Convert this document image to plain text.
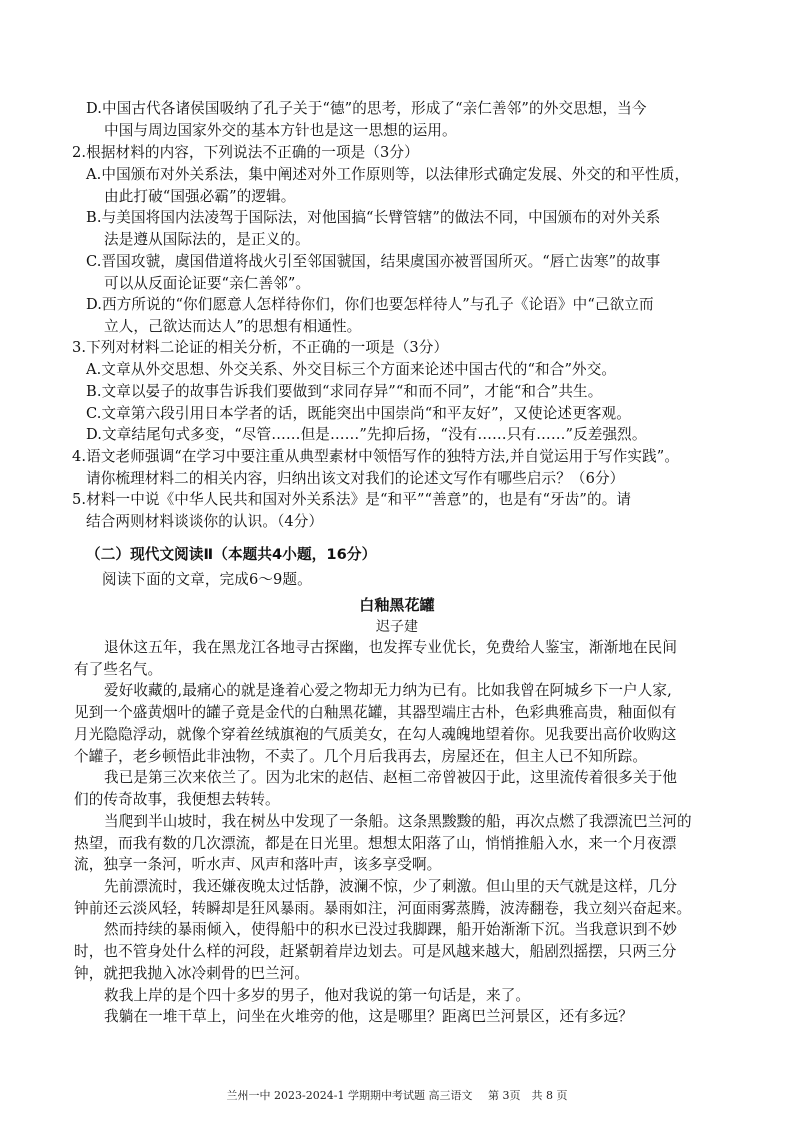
D.中国古代各诸侯国吸纳了孔子关于“德”的思考，形成了“亲仁善邻”的外交思想，当今
中国与周边国家外交的基本方针也是这一思想的运用。
2.根据材料的内容，下列说法不正确的一项是（3分）
A.中国颁布对外关系法，集中阐述对外工作原则等，以法律形式确定发展、外交的和平性质，
由此打破“国强必霸”的逻辑。
B.与美国将国内法凌驾于国际法，对他国搞“长臂管辖”的做法不同，中国颁布的对外关系
法是遵从国际法的，是正义的。
C.晋国攻虢，虞国借道将战火引至邻国虢国，结果虞国亦被晋国所灭。“唇亡齿寒”的故事
可以从反面论证要“亲仁善邻”。
D.西方所说的“你们愿意人怎样待你们，你们也要怎样待人”与孔子《论语》中“己欲立而
立人，己欲达而达人”的思想有相通性。
3.下列对材料二论证的相关分析，不正确的一项是（3分）
A.文章从外交思想、外交关系、外交目标三个方面来论述中国古代的“和合”外交。
B.文章以晏子的故事告诉我们要做到“求同存异”“和而不同”，才能“和合”共生。
C.文章第六段引用日本学者的话，既能突出中国崇尚“和平友好”，又使论述更客观。
D.文章结尾句式多变，“尽管……但是……”先抑后扬，“没有……只有……”反差强烈。
4.语文老师强调“在学习中要注重从典型素材中领悟写作的独特方法,并自觉运用于写作实践”。
请你梳理材料二的相关内容，归纳出该文对我们的论述文写作有哪些启示？（6分）
5.材料一中说《中华人民共和国对外关系法》是“和平”“善意”的，也是有“牙齿”的。请
结合两则材料谈谈你的认识。（4分）
（二）现代文阅读Ⅱ（本题共4小题，16分）
阅读下面的文章，完成6～9题。
白釉黑花罐
迟子建
退休这五年，我在黑龙江各地寻古探幽，也发挥专业优长，免费给人鉴宝，渐渐地在民间
有了些名气。
爱好收藏的,最痛心的就是逢着心爱之物却无力纳为已有。比如我曾在阿城乡下一户人家,
见到一个盛黄烟叶的罐子竟是金代的白釉黑花罐，其器型端庄古朴，色彩典雅高贵，釉面似有
月光隐隐浮动，就像个穿着丝绒旗袍的气质美女，在勾人魂魄地望着你。见我要出高价收购这
个罐子，老乡顿悟此非浊物，不卖了。几个月后我再去，房屋还在，但主人已不知所踪。
我已是第三次来依兰了。因为北宋的赵佶、赵桓二帝曾被囚于此，这里流传着很多关于他
们的传奇故事，我便想去转转。
当爬到半山坡时，我在树丛中发现了一条船。这条黑黢黢的船，再次点燃了我漂流巴兰河的
热望，而我有数的几次漂流，都是在日光里。想想太阳落了山，悄悄推船入水，来一个月夜漂
流，独享一条河，听水声、风声和落叶声，该多享受啊。
先前漂流时，我还嫌夜晚太过恬静，波澜不惊，少了刺激。但山里的天气就是这样，几分
钟前还云淡风轻，转瞬却是狂风暴雨。暴雨如注，河面雨雾蒸腾，波涛翻卷，我立刻兴奋起来。
然而持续的暴雨倾入，使得船中的积水已没过我脚踝，船开始渐渐下沉。当我意识到不妙
时，也不管身处什么样的河段，赶紧朝着岸边划去。可是风越来越大，船剧烈摇摆，只两三分
钟，就把我抛入冰冷刺骨的巴兰河。
救我上岸的是个四十多岁的男子，他对我说的第一句话是，来了。
我躺在一堆干草上，问坐在火堆旁的他，这是哪里？距离巴兰河景区，还有多远？
兰州一中 2023-2024-1 学期期中考试题 高三语文 第 3页　共 8 页
